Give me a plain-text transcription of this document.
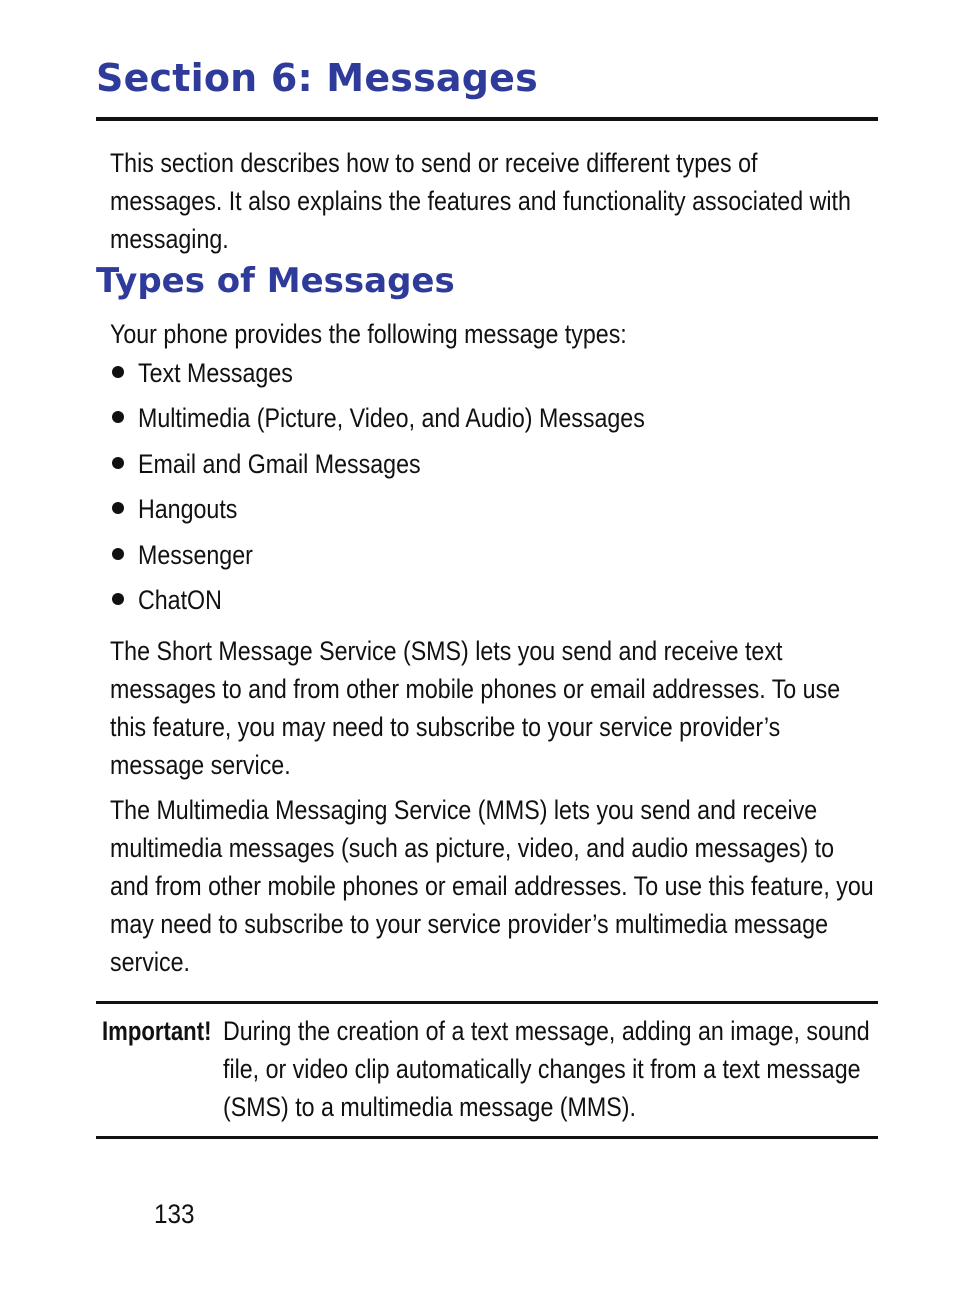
Section 6: Messages

This section describes how to send or receive different types of messages. It also explains the features and functionality associated with messaging.

Types of Messages

Your phone provides the following message types:

Text Messages
Multimedia (Picture, Video, and Audio) Messages
Email and Gmail Messages
Hangouts
Messenger
ChatON

The Short Message Service (SMS) lets you send and receive text messages to and from other mobile phones or email addresses. To use this feature, you may need to subscribe to your service provider’s message service.

The Multimedia Messaging Service (MMS) lets you send and receive multimedia messages (such as picture, video, and audio messages) to and from other mobile phones or email addresses. To use this feature, you may need to subscribe to your service provider’s multimedia message service.

Important! During the creation of a text message, adding an image, sound file, or video clip automatically changes it from a text message (SMS) to a multimedia message (MMS).

133
